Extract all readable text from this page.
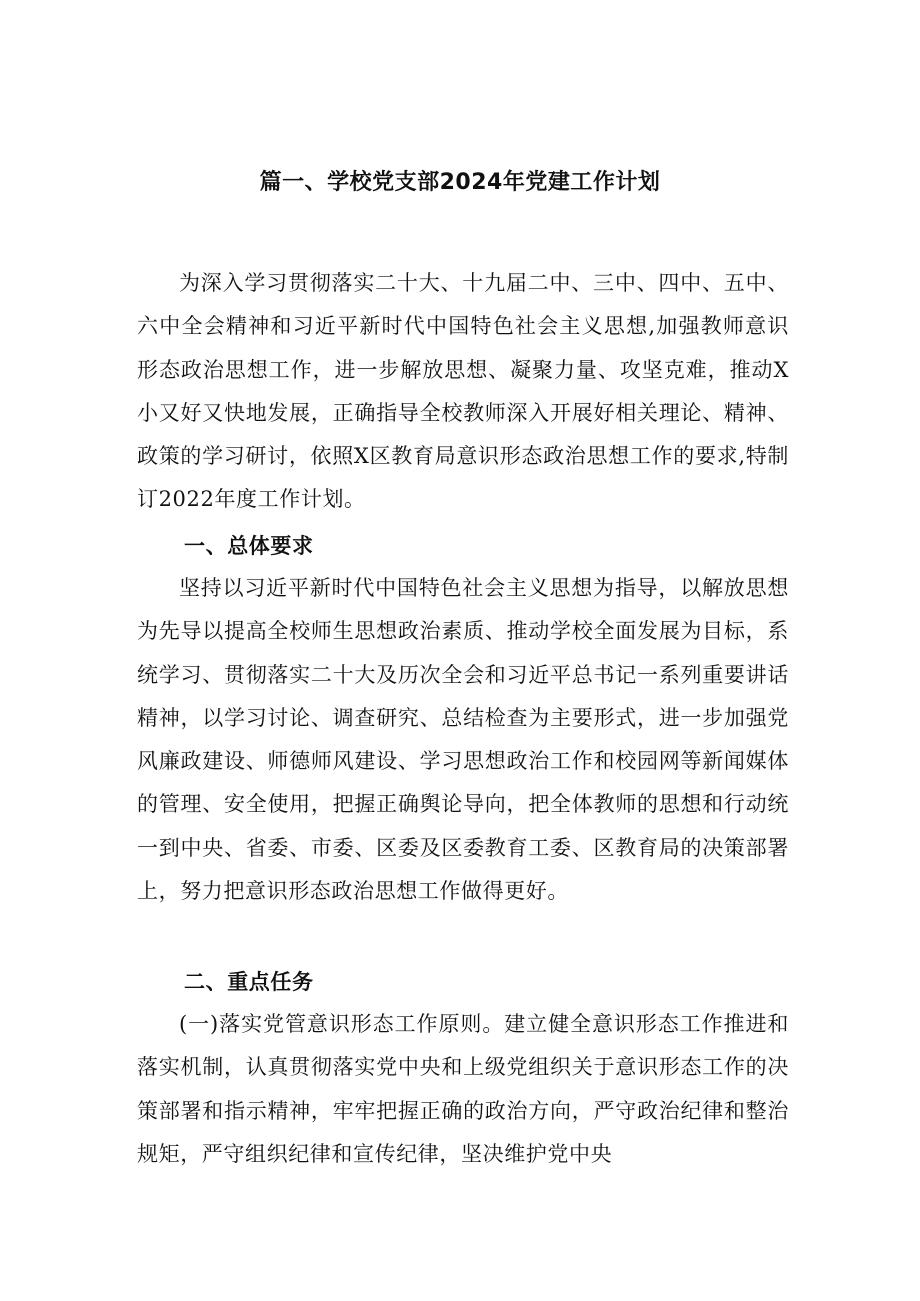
篇一、学校党支部2024年党建工作计划

为深入学习贯彻落实二十大、十九届二中、三中、四中、五中、六中全会精神和习近平新时代中国特色社会主义思想,加强教师意识形态政治思想工作，进一步解放思想、凝聚力量、攻坚克难，推动X小又好又快地发展，正确指导全校教师深入开展好相关理论、精神、政策的学习研讨，依照X区教育局意识形态政治思想工作的要求,特制订2022年度工作计划。

一、总体要求

坚持以习近平新时代中国特色社会主义思想为指导，以解放思想为先导以提高全校师生思想政治素质、推动学校全面发展为目标，系统学习、贯彻落实二十大及历次全会和习近平总书记一系列重要讲话精神，以学习讨论、调查研究、总结检查为主要形式，进一步加强党风廉政建设、师德师风建设、学习思想政治工作和校园网等新闻媒体的管理、安全使用，把握正确舆论导向，把全体教师的思想和行动统一到中央、省委、市委、区委及区委教育工委、区教育局的决策部署上，努力把意识形态政治思想工作做得更好。

二、重点任务

(一)落实党管意识形态工作原则。建立健全意识形态工作推进和落实机制，认真贯彻落实党中央和上级党组织关于意识形态工作的决策部署和指示精神，牢牢把握正确的政治方向，严守政治纪律和整治规矩，严守组织纪律和宣传纪律，坚决维护党中央
